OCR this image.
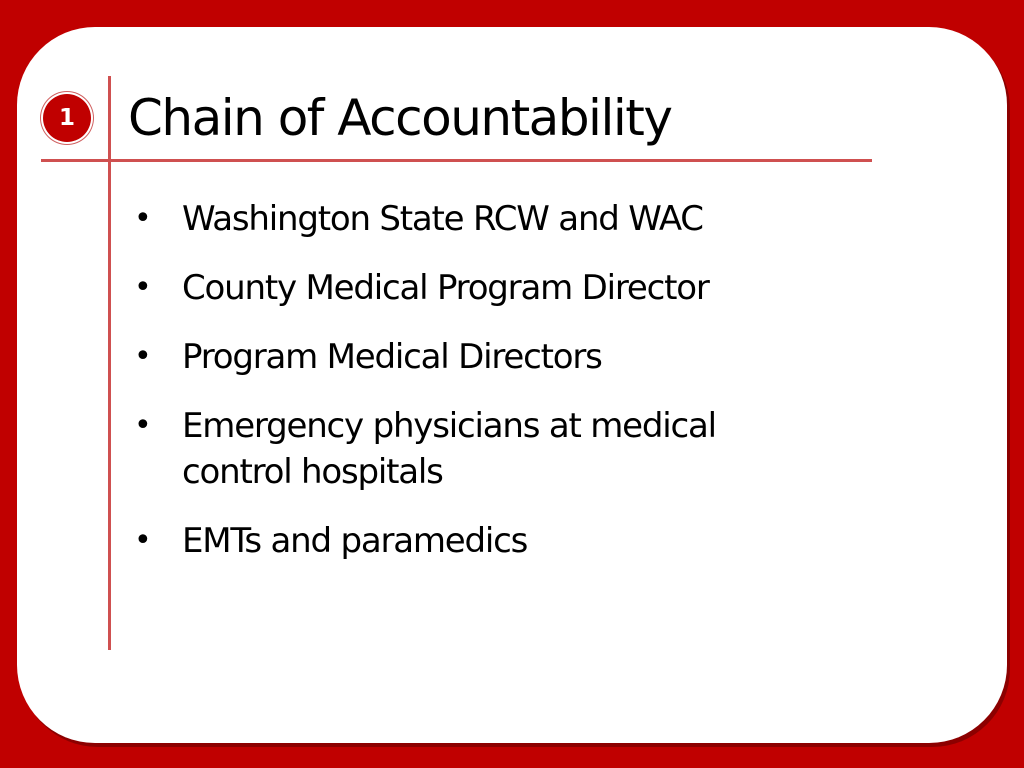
1	Chain of Accountability
• Washington State RCW and WAC
• County Medical Program Director
• Program Medical Directors
• Emergency physicians at medical control hospitals
• EMTs and paramedics
